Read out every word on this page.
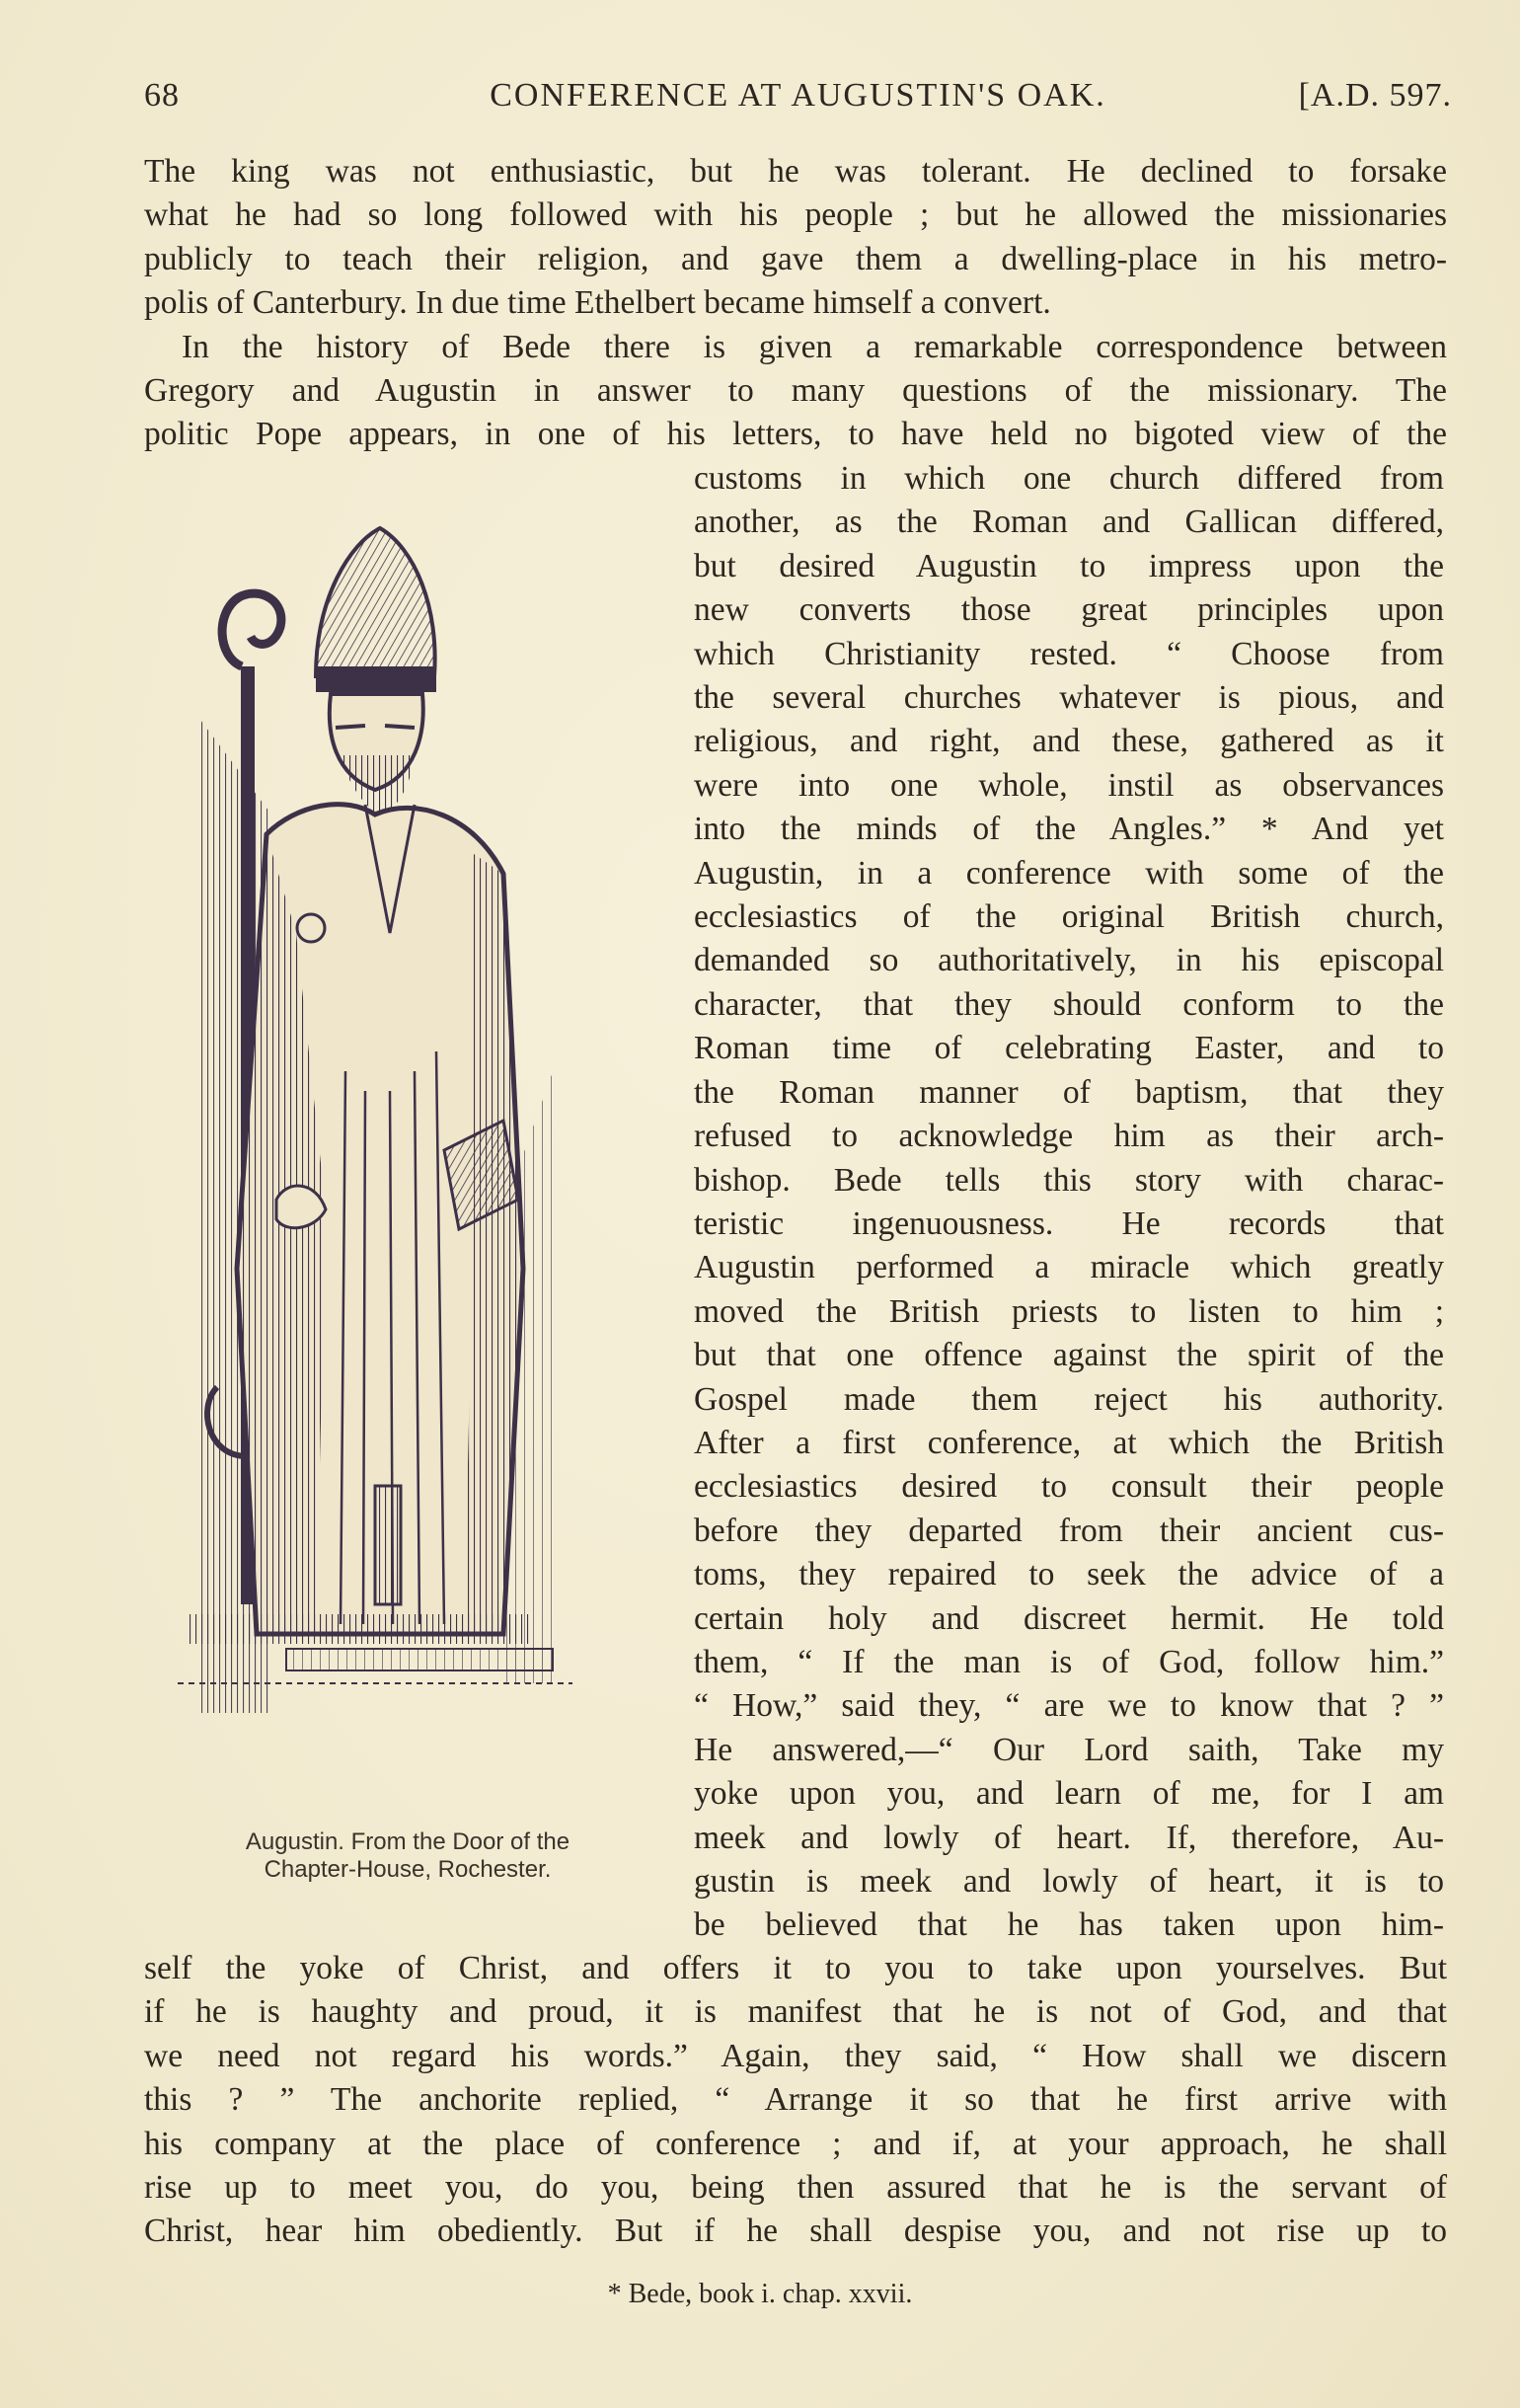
68	CONFERENCE AT AUGUSTIN'S OAK.	[A.D. 597.
The king was not enthusiastic, but he was tolerant. He declined to forsake
what he had so long followed with his people ; but he allowed the missionaries
publicly to teach their religion, and gave them a dwelling-place in his metro-
polis of Canterbury. In due time Ethelbert became himself a convert.
In the history of Bede there is given a remarkable correspondence between
Gregory and Augustin in answer to many questions of the missionary. The
politic Pope appears, in one of his letters, to have held no bigoted view of the
customs in which one church differed from
another, as the Roman and Gallican differed,
but desired Augustin to impress upon the
new converts those great principles upon
which Christianity rested. “ Choose from
the several churches whatever is pious, and
religious, and right, and these, gathered as it
were into one whole, instil as observances
into the minds of the Angles.” * And yet
Augustin, in a conference with some of the
ecclesiastics of the original British church,
demanded so authoritatively, in his episcopal
character, that they should conform to the
Roman time of celebrating Easter, and to
the Roman manner of baptism, that they
refused to acknowledge him as their arch-
bishop. Bede tells this story with charac-
teristic ingenuousness. He records that
Augustin performed a miracle which greatly
moved the British priests to listen to him ;
but that one offence against the spirit of the
Gospel made them reject his authority.
After a first conference, at which the British
ecclesiastics desired to consult their people
before they departed from their ancient cus-
toms, they repaired to seek the advice of a
certain holy and discreet hermit. He told
them, “ If the man is of God, follow him.”
“ How,” said they, “ are we to know that ? ”
He answered,—“ Our Lord saith, Take my
yoke upon you, and learn of me, for I am
meek and lowly of heart. If, therefore, Au-
gustin is meek and lowly of heart, it is to
be believed that he has taken upon him-
self the yoke of Christ, and offers it to you to take upon yourselves. But
if he is haughty and proud, it is manifest that he is not of God, and that
we need not regard his words.” Again, they said, “ How shall we discern
this ? ” The anchorite replied, “ Arrange it so that he first arrive with
his company at the place of conference ; and if, at your approach, he shall
rise up to meet you, do you, being then assured that he is the servant of
Christ, hear him obediently. But if he shall despise you, and not rise up to
Augustin. From the Door of the
Chapter-House, Rochester.
* Bede, book i. chap. xxvii.
